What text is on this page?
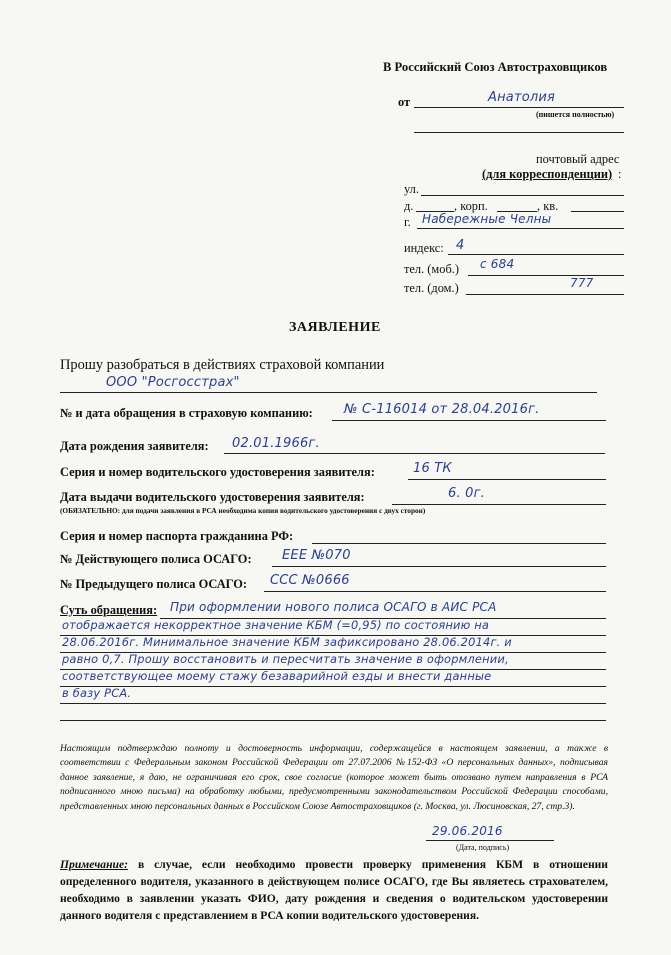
В Российский Союз Автостраховщиков
от	Анатолия
(пишется полностью)
почтовый адрес
(для корреспонденции) :
ул.
д.	, корп.	, кв.
г. Набережные Челны
индекс: 4
тел. (моб.) с 684
тел. (дом.)	777
ЗАЯВЛЕНИЕ
Прошу разобраться в действиях страховой компании
ООО "Росгосстрах"
№ и дата обращения в страховую компанию: № С-116014 от 28.04.2016г.
Дата рождения заявителя: 02.01.1966г.
Серия и номер водительского удостоверения заявителя:	16 ТК
Дата выдачи водительского удостоверения заявителя:	6. 0г.
(ОБЯЗАТЕЛЬНО: для подачи заявления в РСА необходима копия водительского удостоверения с двух сторон)
Серия и номер паспорта гражданина РФ:
№ Действующего полиса ОСАГО: ЕЕЕ №070
№ Предыдущего полиса ОСАГО: ССС №0666
Суть обращения: При оформлении нового полиса ОСАГО в АИС РСА
отображается некорректное значение КБМ (=0,95) по состоянию на
28.06.2016г. Минимальное значение КБМ зафиксировано 28.06.2014г. и
равно 0,7. Прошу восстановить и пересчитать значение в оформлении,
соответствующее моему стажу безаварийной езды и внести данные
в базу РСА.
Настоящим подтверждаю полноту и достоверность информации, содержащейся в настоящем заявлении, а также в соответствии с Федеральным законом Российской Федерации от 27.07.2006 №152-ФЗ «О персональных данных», подписывая данное заявление, я даю, не ограничивая его срок, свое согласие (которое может быть отозвано путем направления в РСА подписанного мною письма) на обработку любыми, предусмотренными законодательством Российской Федерации способами, представленных мною персональных данных в Российском Союзе Автостраховщиков (г. Москва, ул. Люсиновская, 27, стр.3).
29.06.2016
(Дата, подпись)
Примечание: в случае, если необходимо провести проверку применения КБМ в отношении определенного водителя, указанного в действующем полисе ОСАГО, где Вы являетесь страхователем, необходимо в заявлении указать ФИО, дату рождения и сведения о водительском удостоверении данного водителя с представлением в РСА копии водительского удостоверения.
